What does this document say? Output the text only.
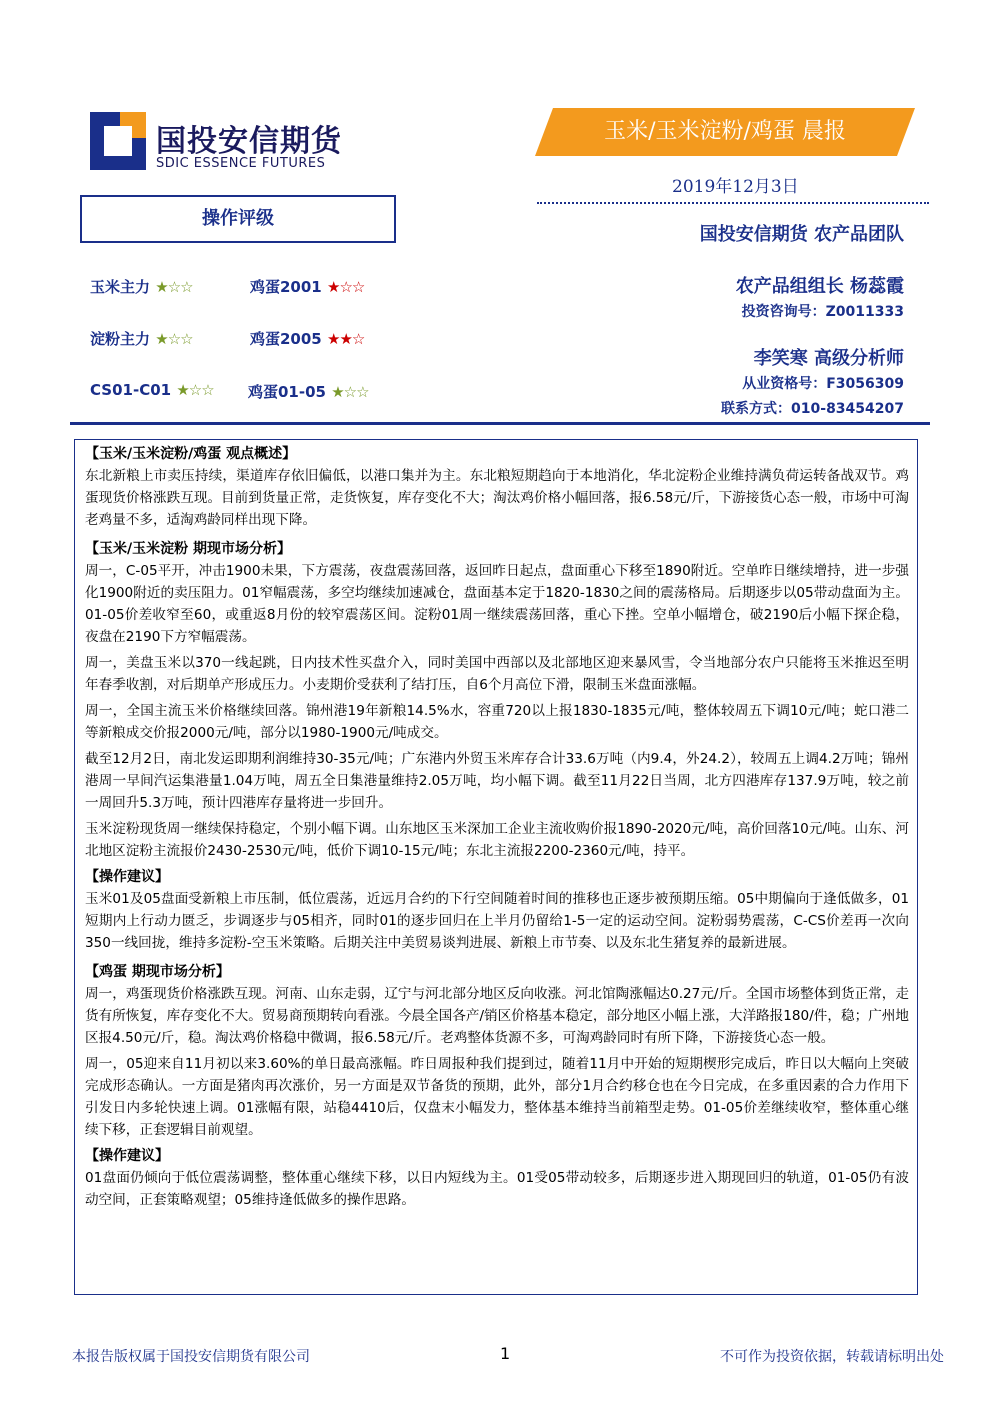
国投安信期货
SDIC ESSENCE FUTURES
玉米/玉米淀粉/鸡蛋 晨报
2019年12月3日
国投安信期货 农产品团队
农产品组组长 杨蕊霞
投资咨询号：Z0011333
李笑寒 高级分析师
从业资格号：F3056309
联系方式：010-83454207
操作评级
玉米主力 ★☆☆	鸡蛋2001 ★☆☆
淀粉主力 ★☆☆	鸡蛋2005 ★★☆
CS01-C01 ★☆☆ 鸡蛋01-05 ★☆☆
【玉米/玉米淀粉/鸡蛋 观点概述】

东北新粮上市卖压持续，渠道库存依旧偏低，以港口集并为主。东北粮短期趋向于本地消化，华北淀粉企业维持满负荷运转备战双节。鸡蛋现货价格涨跌互现。目前到货量正常，走货恢复，库存变化不大；淘汰鸡价格小幅回落，报6.58元/斤，下游接货心态一般，市场中可淘老鸡量不多，适淘鸡龄同样出现下降。

【玉米/玉米淀粉 期现市场分析】

周一，C-05平开，冲击1900未果，下方震荡，夜盘震荡回落，返回昨日起点，盘面重心下移至1890附近。空单昨日继续增持，进一步强化1900附近的卖压阻力。01窄幅震荡，多空均继续加速减仓，盘面基本定于1820-1830之间的震荡格局。后期逐步以05带动盘面为主。01-05价差收窄至60，或重返8月份的较窄震荡区间。淀粉01周一继续震荡回落，重心下挫。空单小幅增仓，破2190后小幅下探企稳，夜盘在2190下方窄幅震荡。

周一，美盘玉米以370一线起跳，日内技术性买盘介入，同时美国中西部以及北部地区迎来暴风雪，令当地部分农户只能将玉米推迟至明年春季收割，对后期单产形成压力。小麦期价受获利了结打压，自6个月高位下滑，限制玉米盘面涨幅。

周一，全国主流玉米价格继续回落。锦州港19年新粮14.5%水，容重720以上报1830-1835元/吨，整体较周五下调10元/吨；蛇口港二等新粮成交价报2000元/吨，部分以1980-1900元/吨成交。

截至12月2日，南北发运即期利润维持30-35元/吨；广东港内外贸玉米库存合计33.6万吨（内9.4，外24.2），较周五上调4.2万吨；锦州港周一早间汽运集港量1.04万吨，周五全日集港量维持2.05万吨，均小幅下调。截至11月22日当周，北方四港库存137.9万吨，较之前一周回升5.3万吨，预计四港库存量将进一步回升。

玉米淀粉现货周一继续保持稳定，个别小幅下调。山东地区玉米深加工企业主流收购价报1890-2020元/吨，高价回落10元/吨。山东、河北地区淀粉主流报价2430-2530元/吨，低价下调10-15元/吨；东北主流报2200-2360元/吨，持平。

【操作建议】

玉米01及05盘面受新粮上市压制，低位震荡，近远月合约的下行空间随着时间的推移也正逐步被预期压缩。05中期偏向于逢低做多，01短期内上行动力匮乏，步调逐步与05相齐，同时01的逐步回归在上半月仍留给1-5一定的运动空间。淀粉弱势震荡，C-CS价差再一次向350一线回拢，维持多淀粉-空玉米策略。后期关注中美贸易谈判进展、新粮上市节奏、以及东北生猪复养的最新进展。

【鸡蛋 期现市场分析】

周一，鸡蛋现货价格涨跌互现。河南、山东走弱，辽宁与河北部分地区反向收涨。河北馆陶涨幅达0.27元/斤。全国市场整体到货正常，走货有所恢复，库存变化不大。贸易商预期转向看涨。今晨全国各产/销区价格基本稳定，部分地区小幅上涨，大洋路报180/件，稳；广州地区报4.50元/斤，稳。淘汰鸡价格稳中微调，报6.58元/斤。老鸡整体货源不多，可淘鸡龄同时有所下降，下游接货心态一般。

周一，05迎来自11月初以来3.60%的单日最高涨幅。昨日周报种我们提到过，随着11月中开始的短期楔形完成后，昨日以大幅向上突破完成形态确认。一方面是猪肉再次涨价，另一方面是双节备货的预期，此外，部分1月合约移仓也在今日完成，在多重因素的合力作用下引发日内多轮快速上调。01涨幅有限，站稳4410后，仅盘末小幅发力，整体基本维持当前箱型走势。01-05价差继续收窄，整体重心继续下移，正套逻辑目前观望。

【操作建议】

01盘面仍倾向于低位震荡调整，整体重心继续下移，以日内短线为主。01受05带动较多，后期逐步进入期现回归的轨道，01-05仍有波动空间，正套策略观望；05维持逢低做多的操作思路。

本报告版权属于国投安信期货有限公司	1	不可作为投资依据，转载请标明出处
